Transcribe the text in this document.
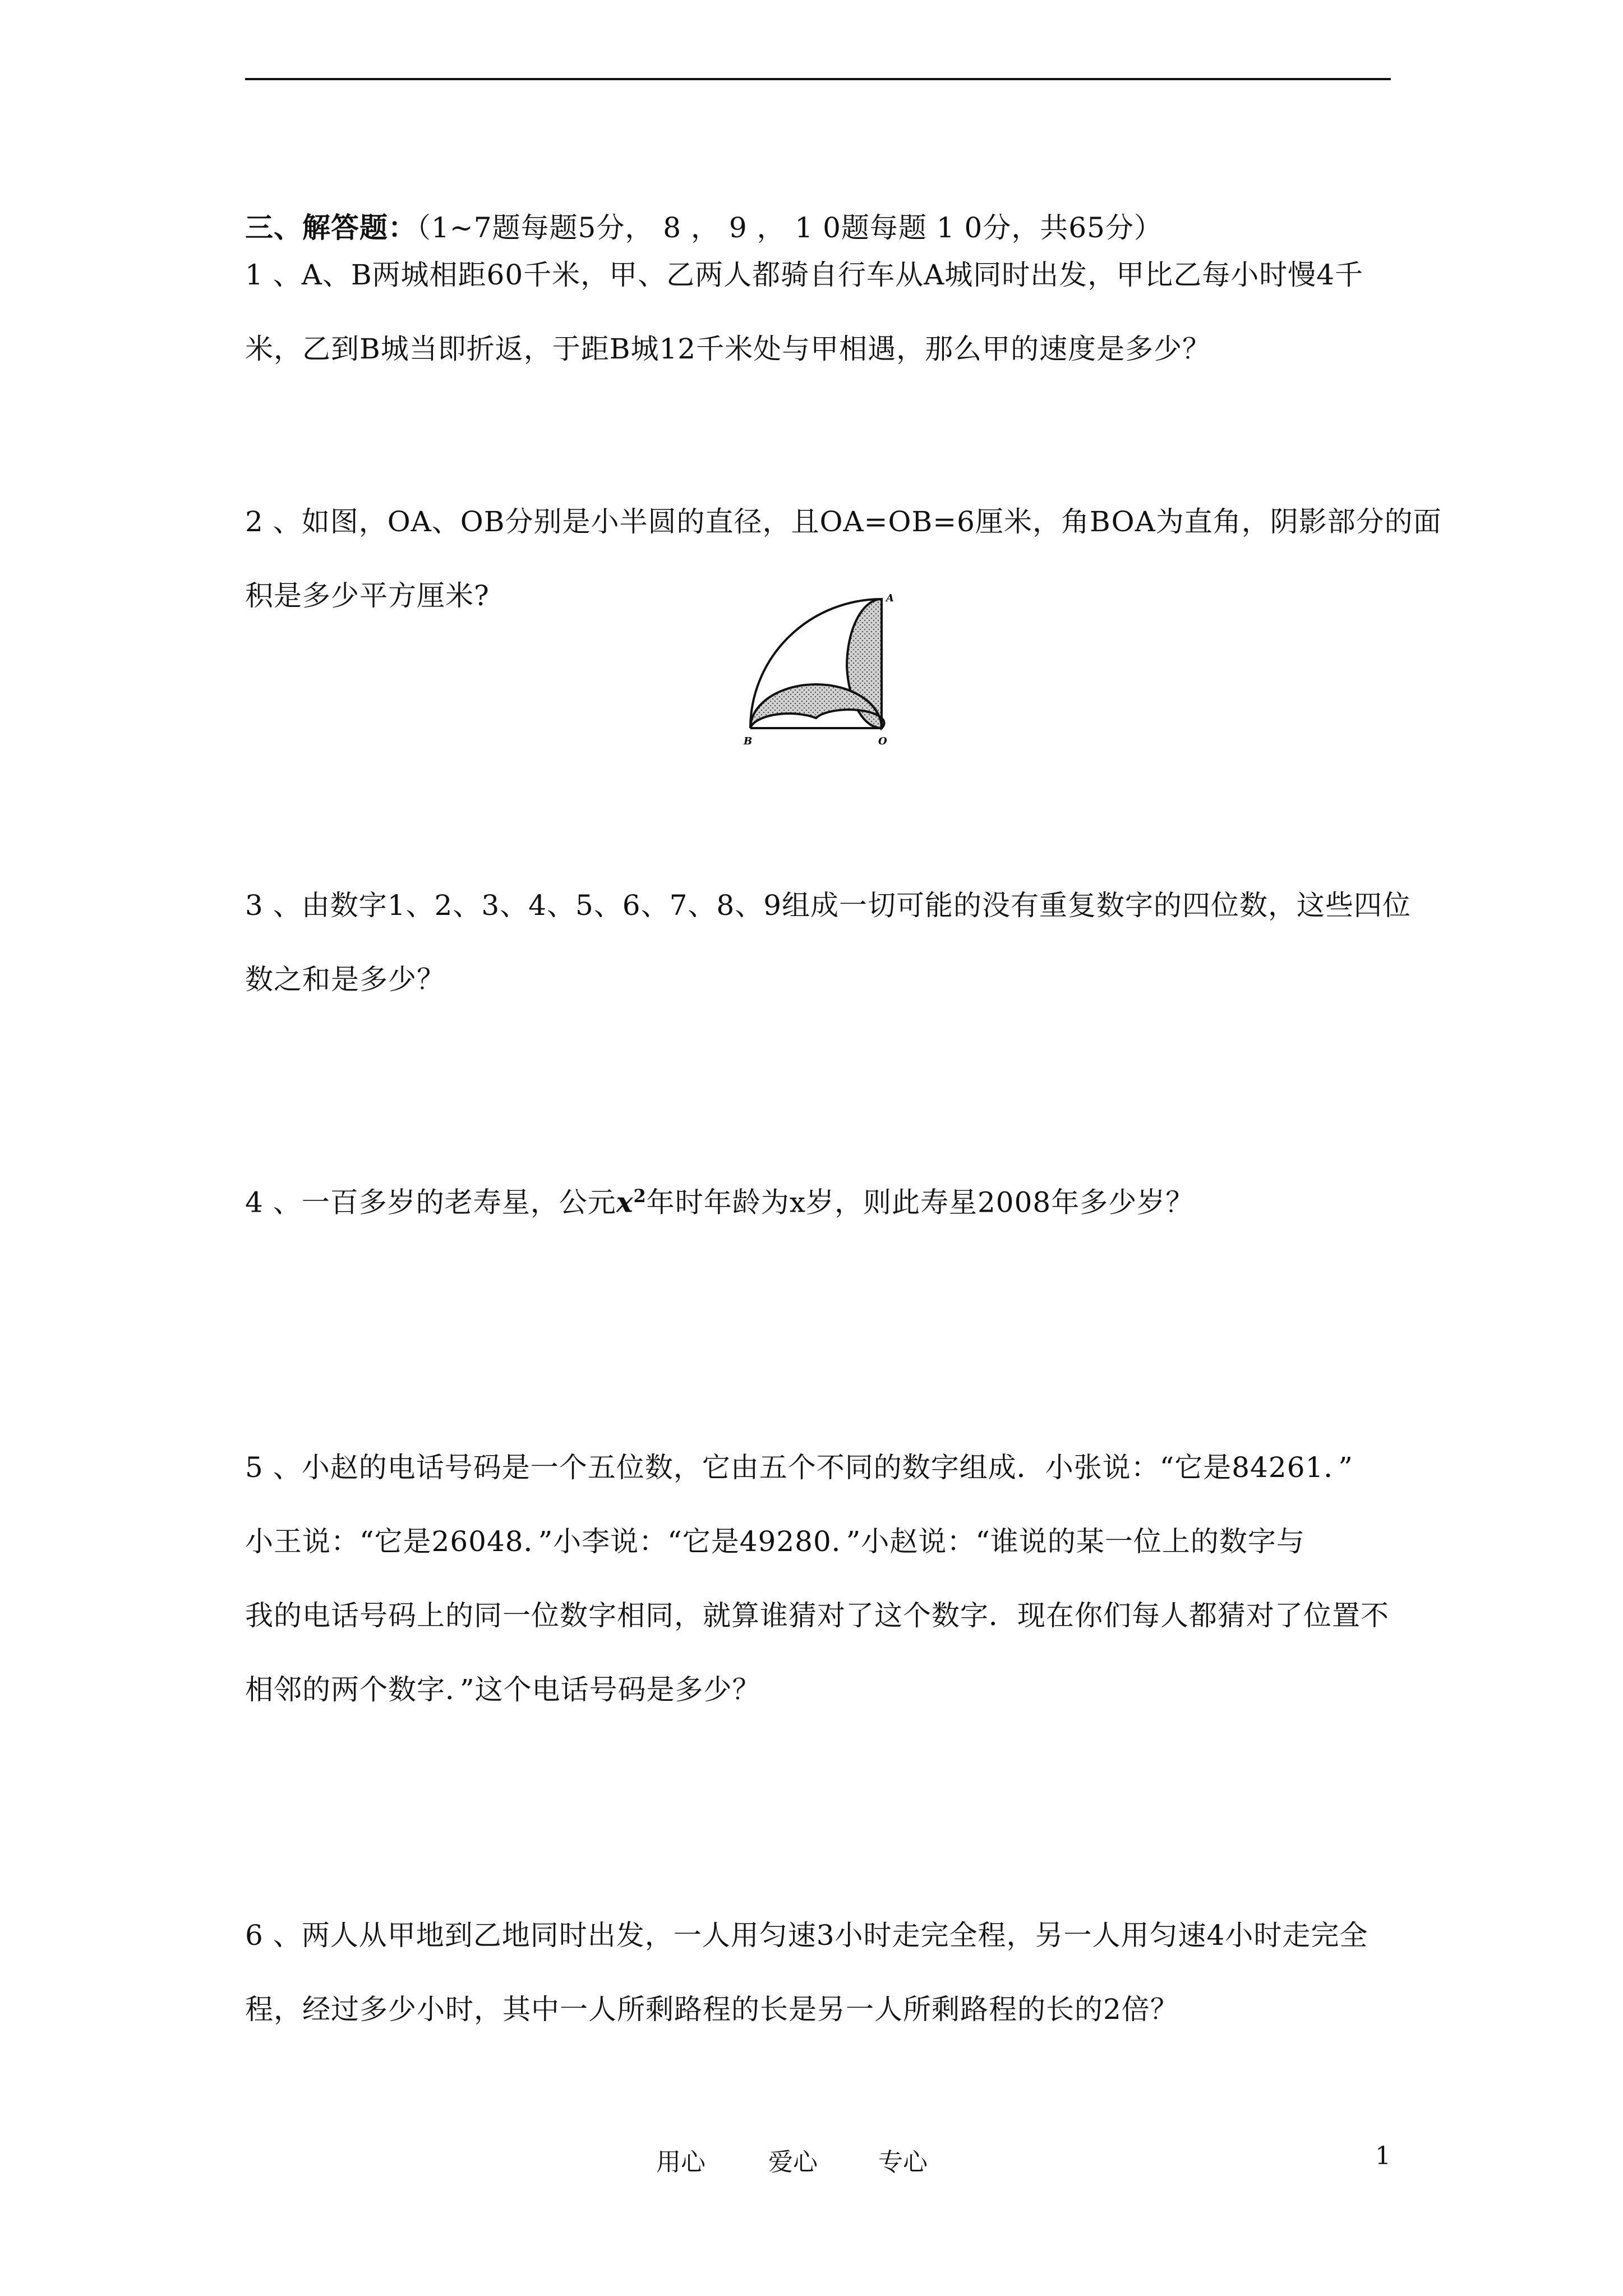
三、解答题：（1~7题每题5分， 8 ， 9 ， 1 0题每题 1 0分，共65分）
1 、A、B两城相距60千米，甲、乙两人都骑自行车从A城同时出发，甲比乙每小时慢4千
米，乙到B城当即折返，于距B城12千米处与甲相遇，那么甲的速度是多少？
2 、如图，OA、OB分别是小半圆的直径，且OA=OB=6厘米，角BOA为直角，阴影部分的面
积是多少平方厘米?	A
B	O
3 、由数字1、2、3、4、5、6、7、8、9组成一切可能的没有重复数字的四位数，这些四位
数之和是多少？
4 、一百多岁的老寿星，公元$x^2$年时年龄为x岁，则此寿星2008年多少岁？
5 、小赵的电话号码是一个五位数，它由五个不同的数字组成．小张说：“它是84261．”
小王说：“它是26048．”小李说：“它是49280．”小赵说：“谁说的某一位上的数字与
我的电话号码上的同一位数字相同，就算谁猜对了这个数字．现在你们每人都猜对了位置不
相邻的两个数字．”这个电话号码是多少？
6 、两人从甲地到乙地同时出发，一人用匀速3小时走完全程，另一人用匀速4小时走完全
程，经过多少小时，其中一人所剩路程的长是另一人所剩路程的长的2倍？
用心	爱心 专心	1
